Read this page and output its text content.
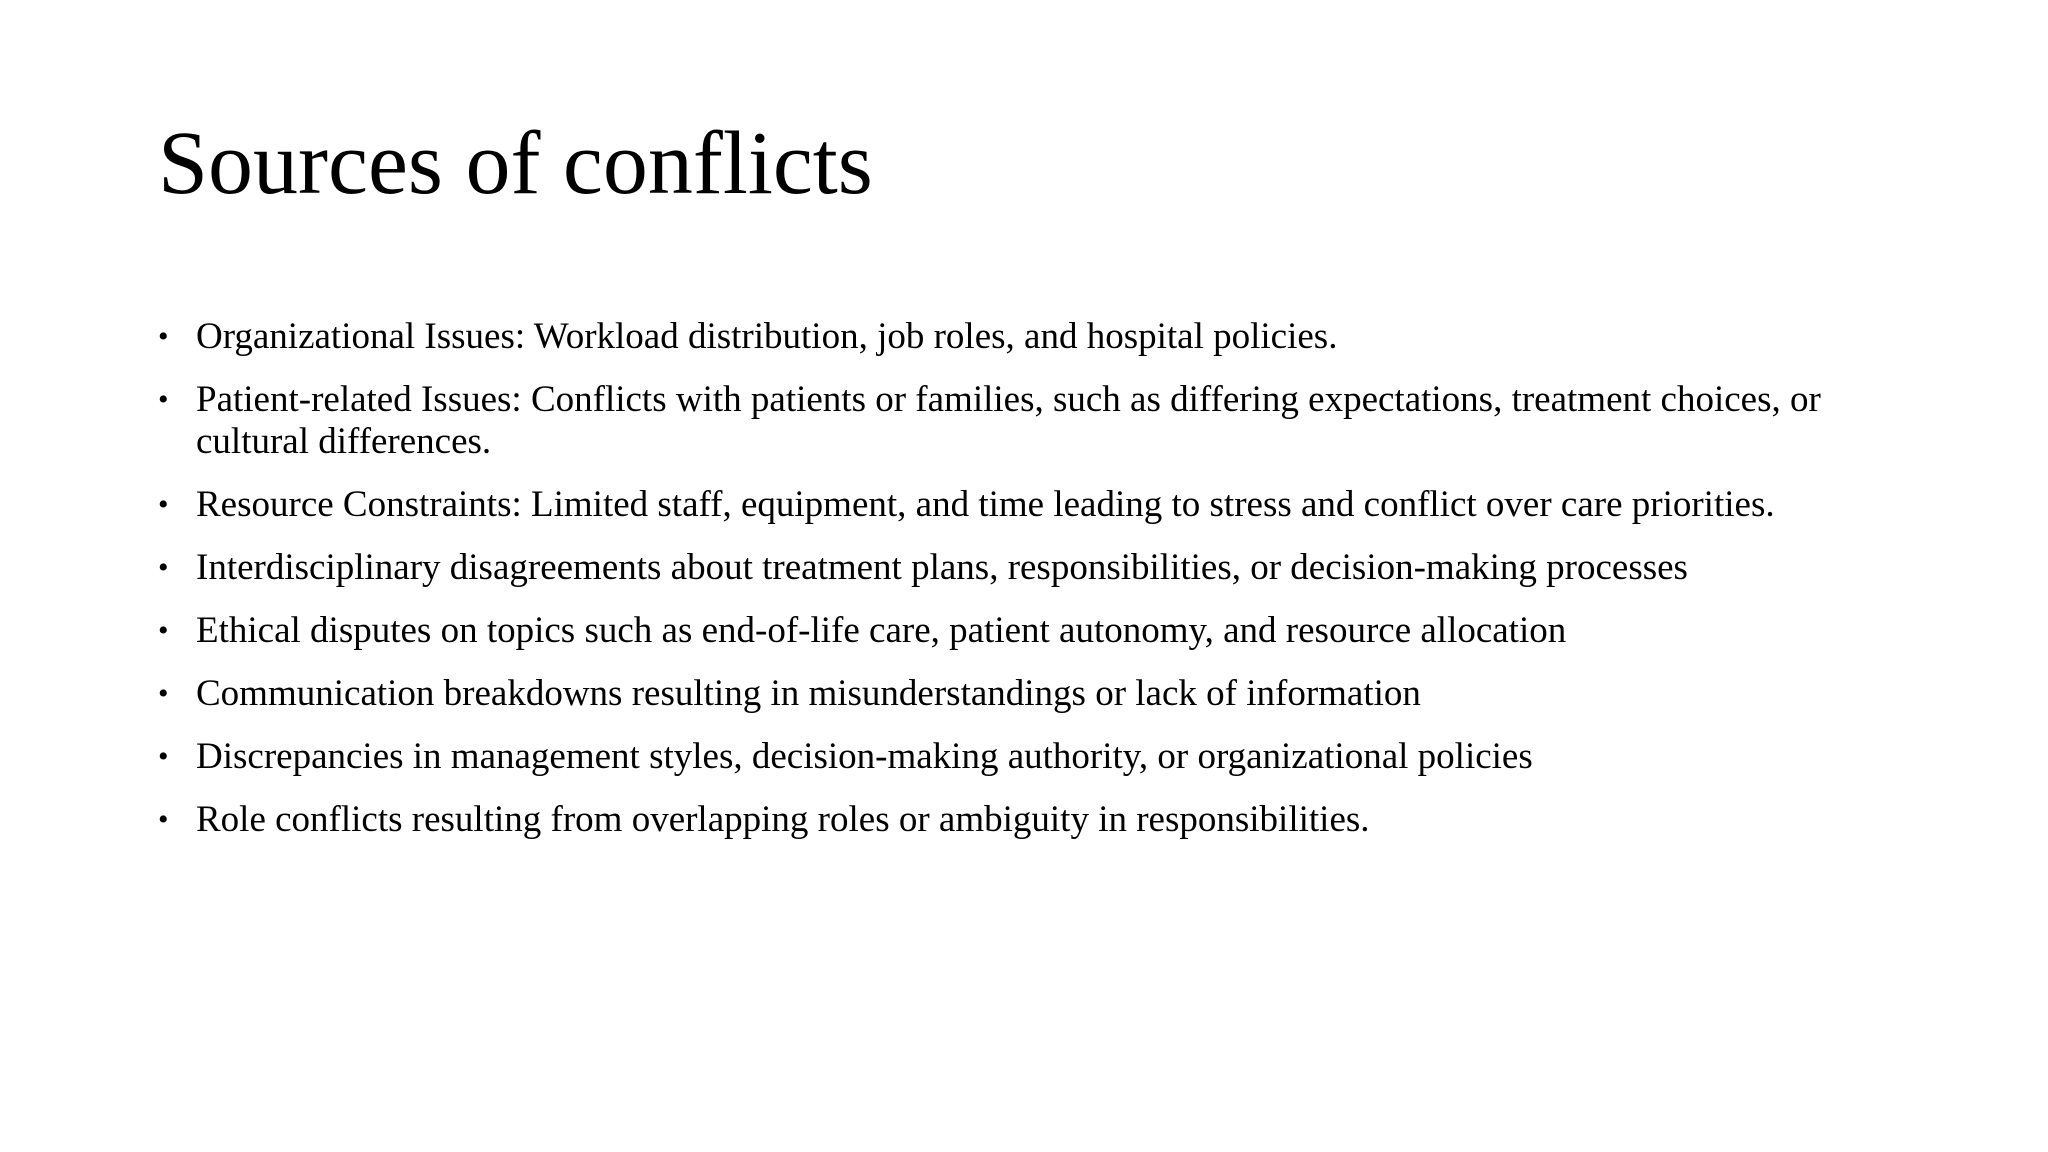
Sources of conflicts
• Organizational Issues: Workload distribution, job roles, and hospital policies.
• Patient-related Issues: Conflicts with patients or families, such as differing expectations, treatment choices, or cultural differences.
• Resource Constraints: Limited staff, equipment, and time leading to stress and conflict over care priorities.
• Interdisciplinary disagreements about treatment plans, responsibilities, or decision-making processes
• Ethical disputes on topics such as end-of-life care, patient autonomy, and resource allocation
• Communication breakdowns resulting in misunderstandings or lack of information
• Discrepancies in management styles, decision-making authority, or organizational policies
• Role conflicts resulting from overlapping roles or ambiguity in responsibilities.
